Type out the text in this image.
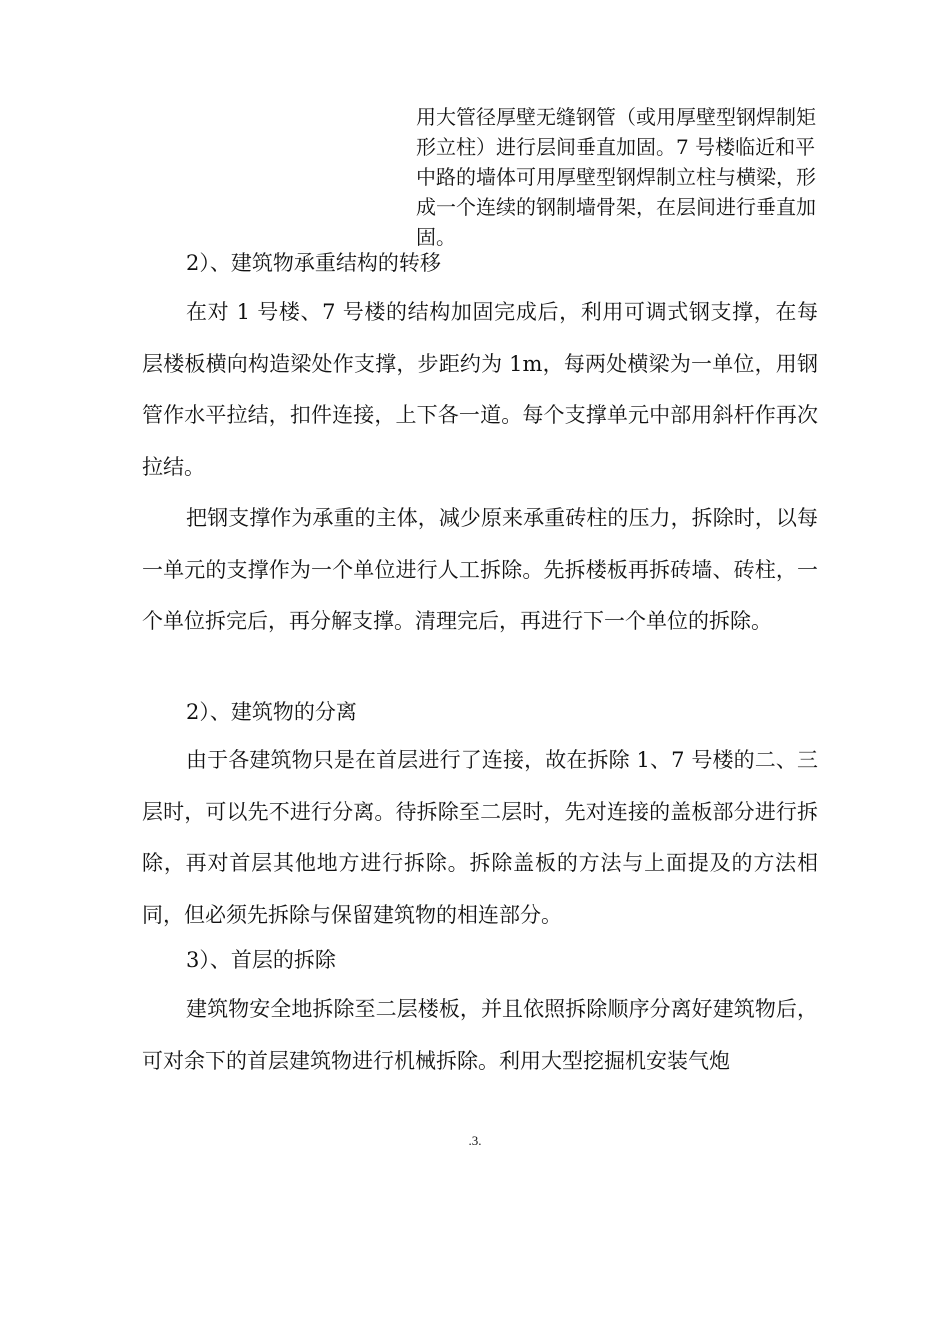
用大管径厚壁无缝钢管（或用厚壁型钢焊制矩形立柱）进行层间垂直加固。7 号楼临近和平中路的墙体可用厚壁型钢焊制立柱与横梁，形成一个连续的钢制墙骨架，在层间进行垂直加固。

2）、建筑物承重结构的转移

在对 1 号楼、7 号楼的结构加固完成后，利用可调式钢支撑，在每层楼板横向构造梁处作支撑，步距约为 1m，每两处横梁为一单位，用钢管作水平拉结，扣件连接，上下各一道。每个支撑单元中部用斜杆作再次拉结。

把钢支撑作为承重的主体，减少原来承重砖柱的压力，拆除时，以每一单元的支撑作为一个单位进行人工拆除。先拆楼板再拆砖墙、砖柱，一个单位拆完后，再分解支撑。清理完后，再进行下一个单位的拆除。

2）、建筑物的分离

由于各建筑物只是在首层进行了连接，故在拆除 1、7 号楼的二、三层时，可以先不进行分离。待拆除至二层时，先对连接的盖板部分进行拆除，再对首层其他地方进行拆除。拆除盖板的方法与上面提及的方法相同，但必须先拆除与保留建筑物的相连部分。

3）、首层的拆除

建筑物安全地拆除至二层楼板，并且依照拆除顺序分离好建筑物后，可对余下的首层建筑物进行机械拆除。利用大型挖掘机安装气炮

.3.
